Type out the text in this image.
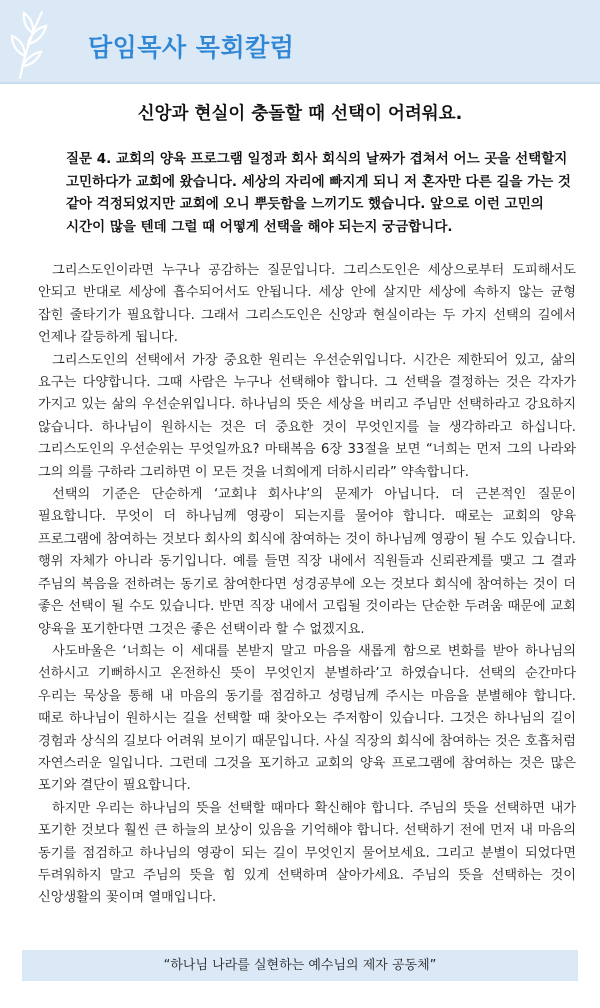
담임목사 목회칼럼
신앙과 현실이 충돌할 때 선택이 어려워요.
질문 4. 교회의 양육 프로그램 일정과 회사 회식의 날짜가 겹쳐서 어느 곳을 선택할지 고민하다가 교회에 왔습니다. 세상의 자리에 빠지게 되니 저 혼자만 다른 길을 가는 것 같아 걱정되었지만 교회에 오니 뿌듯함을 느끼기도 했습니다. 앞으로 이런 고민의 시간이 많을 텐데 그럴 때 어떻게 선택을 해야 되는지 궁금합니다.

그리스도인이라면 누구나 공감하는 질문입니다. 그리스도인은 세상으로부터 도피해서도 안되고 반대로 세상에 흡수되어서도 안됩니다. 세상 안에 살지만 세상에 속하지 않는 균형 잡힌 줄타기가 필요합니다. 그래서 그리스도인은 신앙과 현실이라는 두 가지 선택의 길에서 언제나 갈등하게 됩니다.

그리스도인의 선택에서 가장 중요한 원리는 우선순위입니다. 시간은 제한되어 있고, 삶의 요구는 다양합니다. 그때 사람은 누구나 선택해야 합니다. 그 선택을 결정하는 것은 각자가 가지고 있는 삶의 우선순위입니다. 하나님의 뜻은 세상을 버리고 주님만 선택하라고 강요하지 않습니다. 하나님이 원하시는 것은 더 중요한 것이 무엇인지를 늘 생각하라고 하십니다. 그리스도인의 우선순위는 무엇일까요? 마태복음 6장 33절을 보면 “너희는 먼저 그의 나라와 그의 의를 구하라 그리하면 이 모든 것을 너희에게 더하시리라” 약속합니다.

선택의 기준은 단순하게 ‘교회냐 회사냐’의 문제가 아닙니다. 더 근본적인 질문이 필요합니다. 무엇이 더 하나님께 영광이 되는지를 물어야 합니다. 때로는 교회의 양육 프로그램에 참여하는 것보다 회사의 회식에 참여하는 것이 하나님께 영광이 될 수도 있습니다. 행위 자체가 아니라 동기입니다. 예를 들면 직장 내에서 직원들과 신뢰관계를 맺고 그 결과 주님의 복음을 전하려는 동기로 참여한다면 성경공부에 오는 것보다 회식에 참여하는 것이 더 좋은 선택이 될 수도 있습니다. 반면 직장 내에서 고립될 것이라는 단순한 두려움 때문에 교회 양육을 포기한다면 그것은 좋은 선택이라 할 수 없겠지요.

사도바울은 ‘너희는 이 세대를 본받지 말고 마음을 새롭게 함으로 변화를 받아 하나님의 선하시고 기뻐하시고 온전하신 뜻이 무엇인지 분별하라’고 하였습니다. 선택의 순간마다 우리는 묵상을 통해 내 마음의 동기를 점검하고 성령님께 주시는 마음을 분별해야 합니다. 때로 하나님이 원하시는 길을 선택할 때 찾아오는 주저함이 있습니다. 그것은 하나님의 길이 경험과 상식의 길보다 어려워 보이기 때문입니다. 사실 직장의 회식에 참여하는 것은 호흡처럼 자연스러운 일입니다. 그런데 그것을 포기하고 교회의 양육 프로그램에 참여하는 것은 많은 포기와 결단이 필요합니다.

하지만 우리는 하나님의 뜻을 선택할 때마다 확신해야 합니다. 주님의 뜻을 선택하면 내가 포기한 것보다 훨씬 큰 하늘의 보상이 있음을 기억해야 합니다. 선택하기 전에 먼저 내 마음의 동기를 점검하고 하나님의 영광이 되는 길이 무엇인지 물어보세요. 그리고 분별이 되었다면 두려워하지 말고 주님의 뜻을 힘 있게 선택하며 살아가세요. 주님의 뜻을 선택하는 것이 신앙생활의 꽃이며 열매입니다.

“하나님 나라를 실현하는 예수님의 제자 공동체”
